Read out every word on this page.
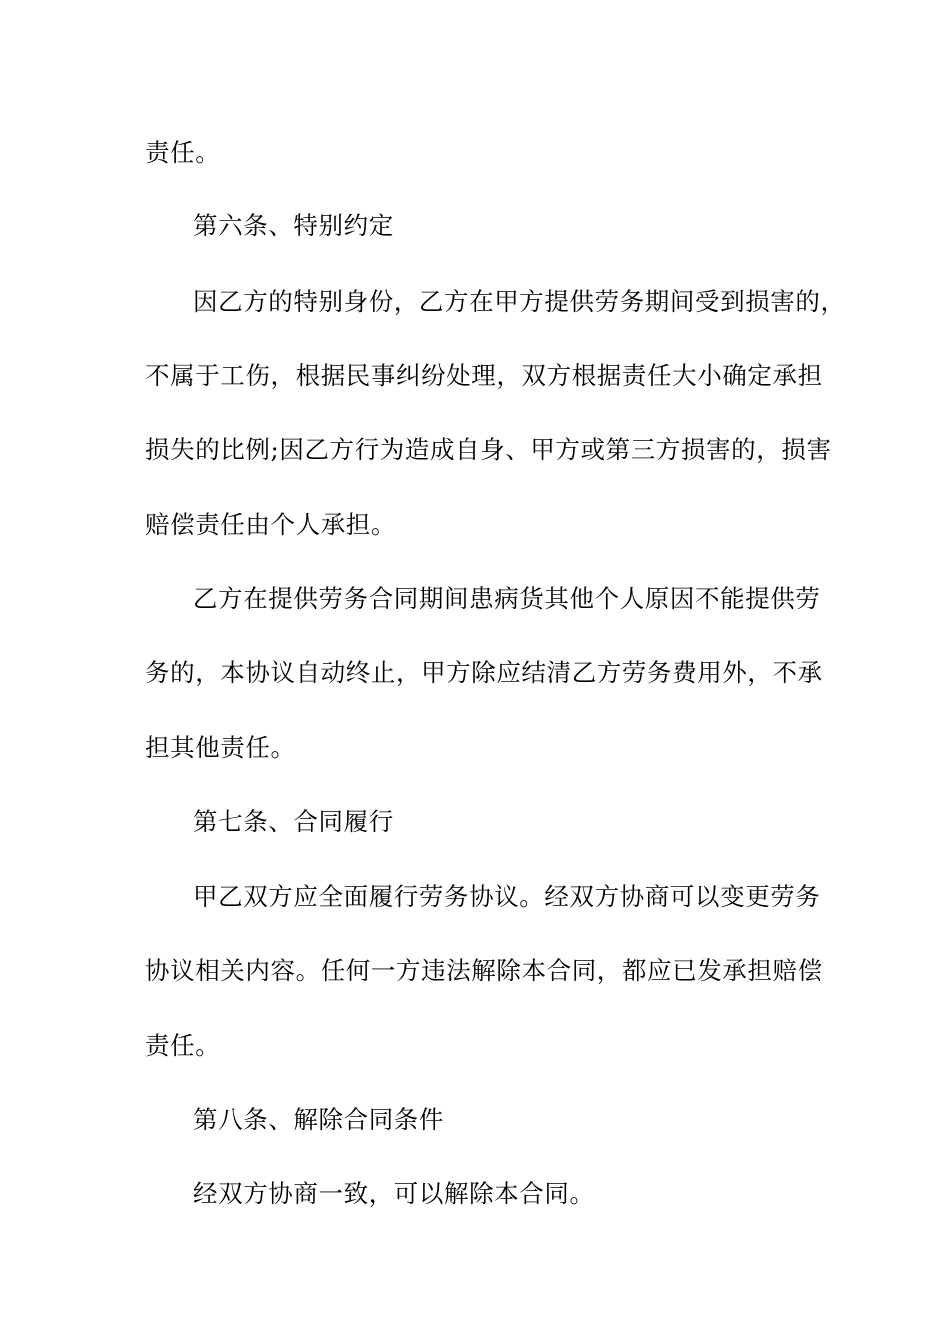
责任。
第六条、特别约定
因乙方的特别身份，乙方在甲方提供劳务期间受到损害的，
不属于工伤，根据民事纠纷处理，双方根据责任大小确定承担
损失的比例;因乙方行为造成自身、甲方或第三方损害的，损害
赔偿责任由个人承担。
乙方在提供劳务合同期间患病货其他个人原因不能提供劳
务的，本协议自动终止，甲方除应结清乙方劳务费用外，不承
担其他责任。
第七条、合同履行
甲乙双方应全面履行劳务协议。经双方协商可以变更劳务
协议相关内容。任何一方违法解除本合同，都应已发承担赔偿
责任。
第八条、解除合同条件
经双方协商一致，可以解除本合同。
